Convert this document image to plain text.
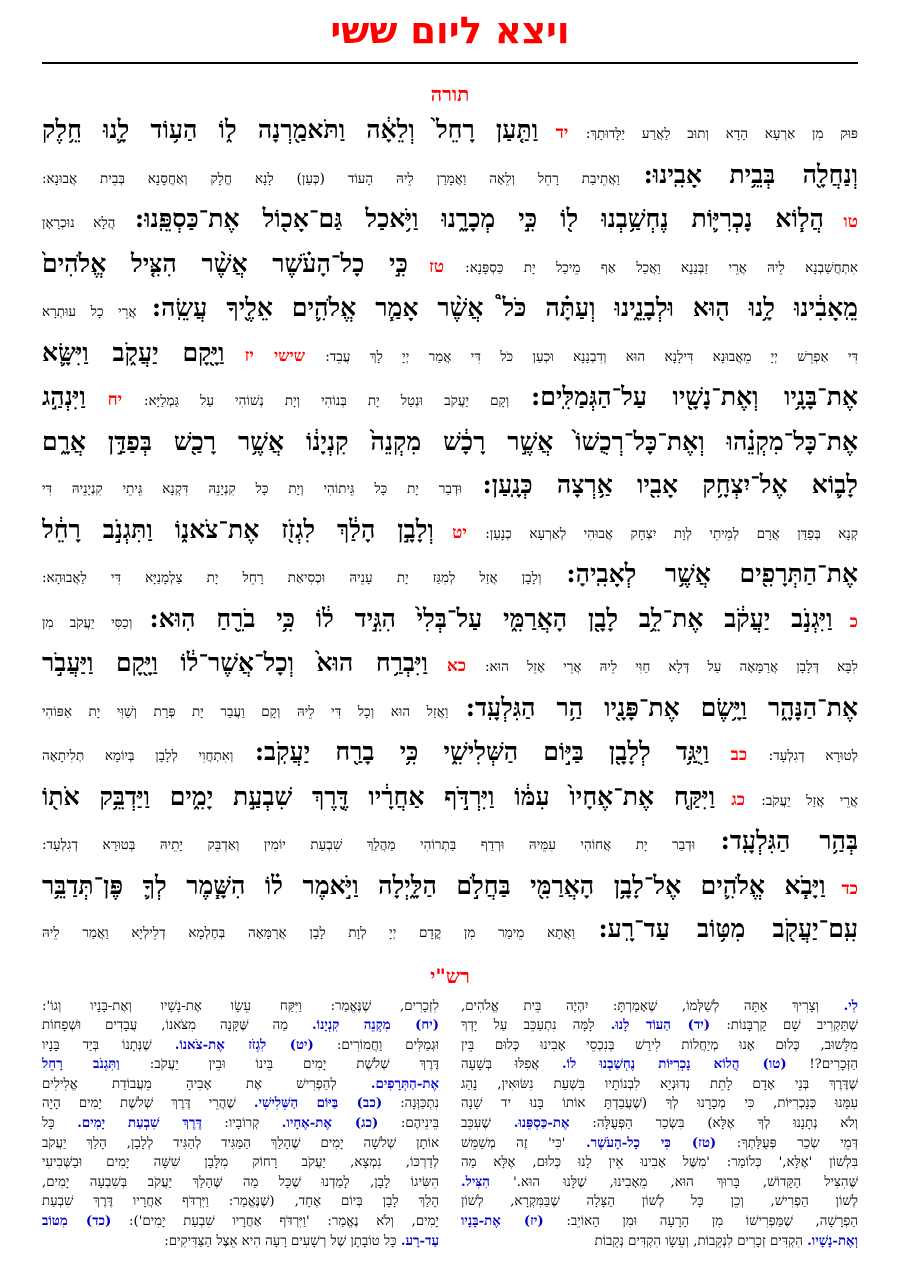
ויצא ליום ששי
תורה
פּוּק מִן אַרְעָא הָדָא וְתוּב לַאֲרַע יַלָּדוּתָךְ: יד וַתַּ֤עַן רָחֵל֙ וְלֵאָ֔ה וַתֹּאמַ֖רְנָה ל֑וֹ הַע֥וֹד לָ֛נוּ חֵ֥לֶק
וְנַחֲלָ֖ה בְּבֵ֥ית אָבִֽינוּ: וַאֲתֵיבַת רָחֵל וְלֵאָה וַאֲמָרַן לֵיהּ הָעוֹד (כְּעַן) לָנָא חֳלָק וְאַחֲסָנָא בְּבֵית אֲבוּנָא:
טו הֲל֧וֹא נָכְרִיּ֛וֹת נֶחְשַׁ֥בְנוּ ל֖וֹ כִּ֣י מְכָרָ֑נוּ וַיֹּ֥אכַל גַּם־אָכ֖וֹל אֶת־כַּסְפֵּֽנוּ: הֲלָא נוּכְרָאָן
אִתְחֲשַׁבְנָא לֵיהּ אֲרֵי זַבְּנַנָא וַאֲכַל אַף מֵיכַל יָת כַּסְפָּנָא: טז כִּ֣י כָל־הָעֹ֗שֶׁר אֲשֶׁ֨ר הִצִּ֤יל אֱלֹהִים֙
מֵֽאָבִ֔ינוּ לָ֥נוּ ה֖וּא וּלְבָנֵ֑ינוּ וְעַתָּ֗ה כֹּל֩ אֲשֶׁ֨ר אָמַ֧ר אֱלֹהִ֛ים אֵלֶ֖יךָ עֲשֵֽׂה: אֲרֵי כָל עוּתְרָא
דִּי אַפְרֵשׁ יְיָ מֵאֲבוּנָא דִּילָנָא הוּא וְדִבְנָנָא וּכְעַן כֹּל דִּי אֲמַר יְיָ לָךְ עֲבֵד: שישי יז וַיָּ֖קָם יַעֲקֹ֑ב וַיִּשָּׂ֛א
אֶת־בָּנָ֥יו וְאֶת־נָשָׁ֖יו עַל־הַגְּמַלִּֽים: וְקָם יַעֲקֹב וּנְטַל יָת בְּנוֹהִי וְיָת נְשׁוֹהִי עַל גַּמְלַיָּא: יח וַיִּנְהַ֣ג
אֶת־כָּל־מִקְנֵ֗הוּ וְאֶת־כָּל־רְכֻשׁוֹ֙ אֲשֶׁ֣ר רָכָ֔שׁ מִקְנֵה֙ קִנְיָנ֔וֹ אֲשֶׁ֥ר רָכַ֖שׁ בְּפַדַּ֣ן אֲרָ֑ם
לָב֛וֹא אֶל־יִצְחָ֥ק אָבִ֖יו אַ֥רְצָה כְּנָֽעַן: וּדְבַר יָת כָּל גֵּיתוֹהִי וְיָת כָּל קִנְיָנֵהּ דִּקְנָא גֵּיתֵי קִנְיָנֵיהּ דִּי
קְנָא בְּפַדַּן אֲרָם לְמֵיתֵי לְוָת יִצְחָק אֲבוּהִי לְאַרְעָא כְנָעַן: יט וְלָבָ֣ן הָלַ֔ךְ לִגְזֹ֖ז אֶת־צֹאנ֑וֹ וַתִּגְנֹ֣ב רָחֵ֔ל
אֶת־הַתְּרָפִ֖ים אֲשֶׁ֥ר לְאָבִֽיהָ: וְלָבָן אֲזַל לְמִגַּז יָת עָנֵיהּ וּכְסִיאַת רָחֵל יָת צַלְמָנַיָּא דִּי לַאֲבוּהָא:
כ וַיִּגְנֹ֣ב יַעֲקֹ֔ב אֶת־לֵ֥ב לָבָ֖ן הָאֲרַמִּ֑י עַל־בְּלִי֙ הִגִּ֣יד ל֔וֹ כִּ֥י בֹרֵ֖חַ הֽוּא: וְכַסִּי יַעֲקֹב מִן
לִבָּא דְּלָבָן אֲרַמָּאָה עַל דְּלָא חַוִּי לֵיהּ אֲרֵי אָזֵל הוּא: כא וַיִּבְרַ֥ח הוּא֙ וְכָל־אֲשֶׁר־ל֔וֹ וַיָּ֖קָם וַיַּעֲבֹ֣ר
אֶת־הַנָּהָ֑ר וַיָּ֥שֶׂם אֶת־פָּנָ֖יו הַ֥ר הַגִּלְעָֽד: וַאֲזַל הוּא וְכָל דִּי לֵיהּ וְקָם וַעֲבַר יָת פְּרָת וְשַׁוִּי יָת אַפּוֹהִי
לְטוּרָא דְגִלְעָד: כב וַיֻּגַּ֥ד לְלָבָ֖ן בַּיּ֣וֹם הַשְּׁלִישִׁ֑י כִּ֥י בָרַ֖ח יַעֲקֹֽב: וְאִתְחֲוִי לְלָבָן בְּיוֹמָא תְלִיתָאָה
אֲרֵי אֲזַל יַעֲקֹב: כג וַיִּקַּ֤ח אֶת־אֶחָיו֙ עִמּ֔וֹ וַיִּרְדֹּ֣ף אַחֲרָ֔יו דֶּ֖רֶךְ שִׁבְעַ֣ת יָמִ֑ים וַיַּדְבֵּ֥ק אֹת֖וֹ
בְּהַ֥ר הַגִּלְעָֽד: וּדְבַר יָת אֲחוֹהִי עִמֵּיהּ וּרְדַף בַּתְרוֹהִי מַהֲלַךְ שִׁבְעַת יוֹמִין וְאַדְבֵּק יָתֵיהּ בְּטוּרָא דְגִלְעָד:
כד וַיָּבֹ֧א אֱלֹהִ֛ים אֶל־לָבָ֥ן הָאֲרַמִּ֖י בַּחֲלֹ֣ם הַלָּ֑יְלָה וַיֹּ֣אמֶר ל֗וֹ הִשָּׁ֧מֶר לְךָ֛ פֶּן־תְּדַבֵּ֥ר
עִֽם־יַעֲקֹ֖ב מִטּ֥וֹב עַד־רָֽע: וַאֲתָא מֵימַר מִן קֳדָם יְיָ לְוָת לָבָן אֲרַמָּאָה בְּחֶלְמָא דְלֵילְיָא וַאֲמַר לֵיהּ
רש"י
לִי. וְצָרִיךְ אַתָּה לְשַׁלְּמוֹ, שֶׁאָמַרְתָּ: יִהְיֶה בֵּית אֱלֹהִים,
שֶׁתַּקְרִיב שָׁם קָרְבָּנוֹת: (יד) הַעוֹד לָנוּ. לָמָּה נִתְעַכֵּב עַל יָדְךָ
מִלָּשׁוּב, כְּלוּם אָנוּ מְיַחֲלוֹת לִירַשׁ בְּנִכְסֵי אָבִינוּ כְּלוּם בֵּין
הַזְּכָרִים?! (טו) הֲלוֹא נָכְרִיּוֹת נֶחְשַׁבְנוּ לוֹ. אֲפִלּוּ בְּשָׁעָה
שֶׁדֶּרֶךְ בְּנֵי אָדָם לָתֵת נְדוּנְיָא לִבְנוֹתָיו בִּשְׁעַת נִשּׂוּאִין, נָהַג
עִמָּנוּ כְּנָכְרִיּוֹת, כִּי מְכָרָנוּ לְךָ (שֶׁעֲבַדְתָּ אוֹתוֹ בָּנוּ יד שָׁנָה
וְלֹא נְתָנָנוּ לְךָ אֶלָּא) בִּשְׂכַר הַפְּעֻלָּה: אֶת-כַּסְפֵּנוּ. שֶׁעִכֵּב
דְּמֵי שְׂכַר פְּעֻלָּתְךָ: (טז) כִּי כָל-הָעֹשֶׁר. 'כִּי' זֶה מְשַׁמֵּשׁ
בִּלְשׁוֹן 'אֶלָּא,' כְּלוֹמַר: 'מִשֶּׁל אָבִינוּ אֵין לָנוּ כְּלוּם, אֶלָּא מַה
שֶּׁהִצִּיל הַקָּדוֹשׁ, בָּרוּךְ הוּא, מֵאָבִינוּ, שֶׁלָּנוּ הוּא.' הִצִּיל.
לְשׁוֹן הַפְרִישׁ, וְכֵן כָּל לְשׁוֹן הַצָּלָה שֶׁבַּמִּקְרָא, לְשׁוֹן
הַפְרָשָׁה, שֶׁמַּפְרִישׁוֹ מִן הָרָעָה וּמִן הָאוֹיֵב: (יז) אֶת-בָּנָיו
וְאֶת-נָשָׁיו. הִקְדִּים זְכָרִים לִנְקֵבוֹת, וְעֵשָׂו הִקְדִּים נְקֵבוֹת
לִזְכָרִים, שֶׁנֶּאֱמַר: וַיִּקַּח עֵשָׂו אֶת-נָשָׁיו וְאֶת-בָּנָיו וְגוֹ':
(יח) מִקְנֵה קִנְיָנוֹ. מַה שֶּׁקָּנָה מִצֹּאנוֹ, עֲבָדִים וּשְׁפָחוֹת
וּגְמַלִּים וַחֲמוֹרִים: (יט) לִגְזֹז אֶת-צֹאנוֹ. שֶׁנְּתָנוֹ בְּיַד בָּנָיו
דֶּרֶךְ שְׁלֹשֶׁת יָמִים בֵּינוֹ וּבֵין יַעֲקֹב: וַתִּגְנֹב רָחֵל
אֶת-הַתְּרָפִים. לְהַפְרִישׁ אֶת אָבִיהָ מֵעֲבוֹדַת אֱלִילִים
נִתְכַּוְּנָה: (כב) בַּיּוֹם הַשְּׁלִישִׁי. שֶׁהֲרֵי דֶּרֶךְ שְׁלֹשֶׁת יָמִים הָיָה
בֵּינֵיהֶם: (כג) אֶת-אֶחָיו. קְרוֹבָיו: דֶּרֶךְ שִׁבְעַת יָמִים. כָּל
אוֹתָן שְׁלֹשָׁה יָמִים שֶׁהָלַךְ הַמַּגִּיד לְהַגִּיד לְלָבָן, הָלַךְ יַעֲקֹב
לְדַרְכּוֹ, נִמְצָא, יַעֲקֹב רָחוֹק מִלָּבָן שִׁשָּׁה יָמִים וּבַשְּׁבִיעִי
הִשִּׂיגוֹ לָבָן, לָמַדְנוּ שֶׁכָּל מַה שֶּׁהָלַךְ יַעֲקֹב בְּשִׁבְעָה יָמִים,
הָלַךְ לָבָן בְּיוֹם אֶחָד, (שֶׁנֶּאֱמַר: וַיִּרְדֹּף אַחֲרָיו דֶּרֶךְ שִׁבְעַת
יָמִים, וְלֹא נֶאֱמַר: 'וַיִּרְדֹּף אַחֲרָיו שִׁבְעַת יָמִים'): (כד) מִטּוֹב
עַד-רָע. כָּל טוֹבָתָן שֶׁל רְשָׁעִים רָעָה הִיא אֵצֶל הַצַּדִּיקִים:
